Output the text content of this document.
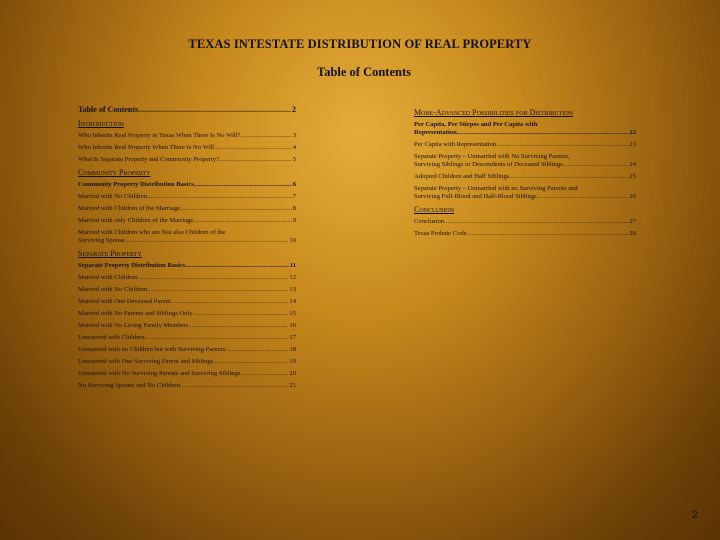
TEXAS INTESTATE DISTRIBUTION OF REAL PROPERTY
Table of Contents
Table of Contents .....	2
Introduction
Who Inherits Real Property in Texas When There Is No Will? .....	3
Who Inherits Real Property When There Is No Will .....	4
What Is Separate Property and Community Property? .....	5
Community Property
Community Property Distribution Basics .....	6
Married with No Children .....	7
Married with Children of the Marriage .....	8
Married with only Children of the Marriage .....	9
Married with Children who are Not also Children of the
Surviving Spouse .....	10
Separate Property
Separate Property Distribution Basics .....	11
Married with Children .....	12
Married with No Children .....	13
Married with One Deceased Parent .....	14
Married with No Parents and Siblings Only .....	15
Married with No Living Family Members .....	16
Unmarried with Children .....	17
Unmarried with no Children but with Surviving Parents .....	18
Unmarried with One Surviving Parent and Siblings .....	19
Unmarried with No Surviving Parents and Surviving Siblings .....	20
No Surviving Spouse and No Children .....	21
More-Advanced Possibilities for Distribution
Per Capita, Per Stirpes and Per Capita with
Representation .....	22
Per Capita with Representation .....	23
Separate Property – Unmarried with No Surviving Parents,
Surviving Siblings or Descendents of Deceased Siblings .....	24
Adopted Children and Half Siblings .....	25
Separate Property – Unmarried with no Surviving Parents and
Surviving Full-Blood and Half-Blood Siblings .....	26
Conclusion
Conclusion .....	27
Texas Probate Code .....	28
2
